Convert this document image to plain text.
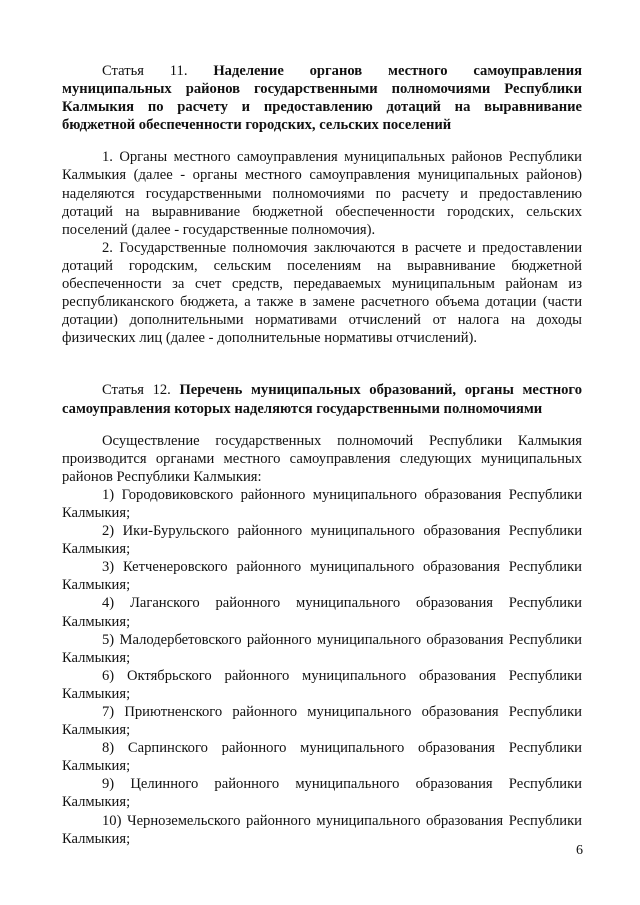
Статья 11. Наделение органов местного самоуправления муниципальных районов государственными полномочиями Республики Калмыкия по расчету и предоставлению дотаций на выравнивание бюджетной обеспеченности городских, сельских поселений

1. Органы местного самоуправления муниципальных районов Республики Калмыкия (далее - органы местного самоуправления муниципальных районов) наделяются государственными полномочиями по расчету и предоставлению дотаций на выравнивание бюджетной обеспеченности городских, сельских поселений (далее - государственные полномочия).

2. Государственные полномочия заключаются в расчете и предоставлении дотаций городским, сельским поселениям на выравнивание бюджетной обеспеченности за счет средств, передаваемых муниципальным районам из республиканского бюджета, а также в замене расчетного объема дотации (части дотации) дополнительными нормативами отчислений от налога на доходы физических лиц (далее - дополнительные нормативы отчислений).

Статья 12. Перечень муниципальных образований, органы местного самоуправления которых наделяются государственными полномочиями

Осуществление государственных полномочий Республики Калмыкия производится органами местного самоуправления следующих муниципальных районов Республики Калмыкия:

1) Городовиковского районного муниципального образования Республики Калмыкия;

2) Ики-Бурульского районного муниципального образования Республики Калмыкия;

3) Кетченеровского районного муниципального образования Республики Калмыкия;

4) Лаганского районного муниципального образования Республики Калмыкия;

5) Малодербетовского районного муниципального образования Республики Калмыкия;

6) Октябрьского районного муниципального образования Республики Калмыкия;

7) Приютненского районного муниципального образования Республики Калмыкия;

8) Сарпинского районного муниципального образования Республики Калмыкия;

9) Целинного районного муниципального образования Республики Калмыкия;

10) Черноземельского районного муниципального образования Республики Калмыкия;

6
